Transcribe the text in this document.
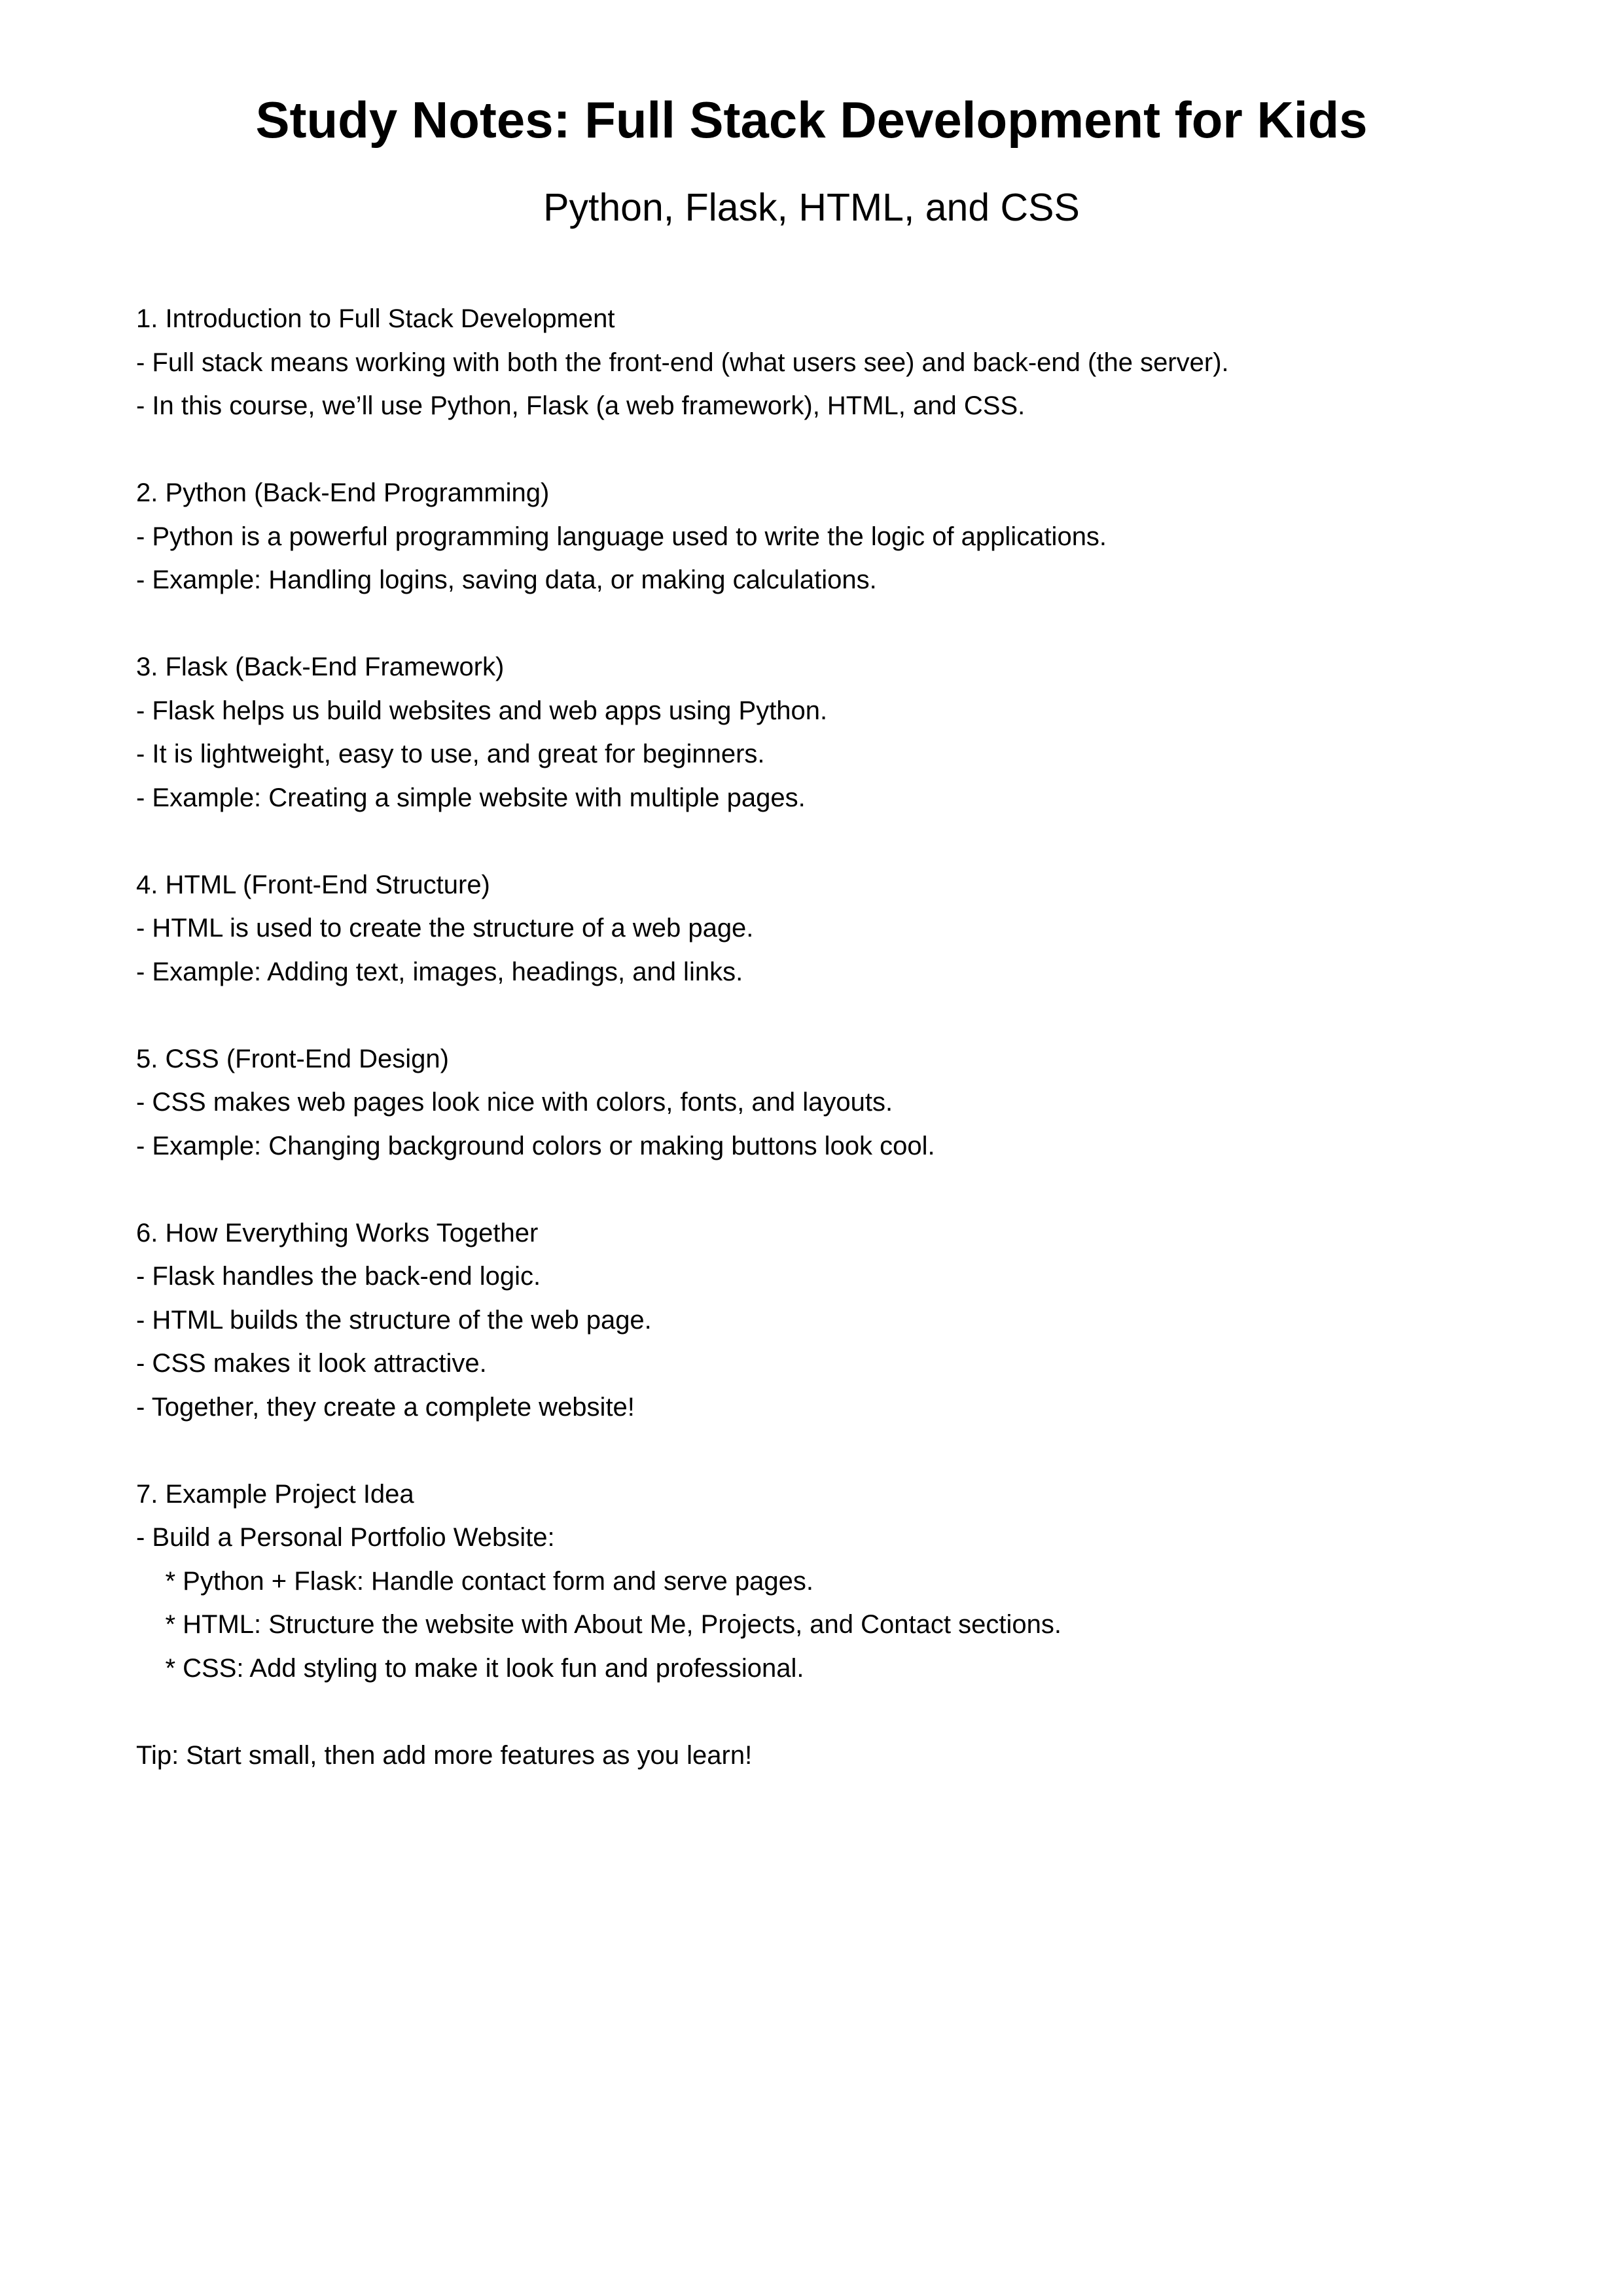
Study Notes: Full Stack Development for Kids
Python, Flask, HTML, and CSS
1. Introduction to Full Stack Development
- Full stack means working with both the front-end (what users see) and back-end (the server).
- In this course, we’ll use Python, Flask (a web framework), HTML, and CSS.
2. Python (Back-End Programming)
- Python is a powerful programming language used to write the logic of applications.
- Example: Handling logins, saving data, or making calculations.
3. Flask (Back-End Framework)
- Flask helps us build websites and web apps using Python.
- It is lightweight, easy to use, and great for beginners.
- Example: Creating a simple website with multiple pages.
4. HTML (Front-End Structure)
- HTML is used to create the structure of a web page.
- Example: Adding text, images, headings, and links.
5. CSS (Front-End Design)
- CSS makes web pages look nice with colors, fonts, and layouts.
- Example: Changing background colors or making buttons look cool.
6. How Everything Works Together
- Flask handles the back-end logic.
- HTML builds the structure of the web page.
- CSS makes it look attractive.
- Together, they create a complete website!
7. Example Project Idea
- Build a Personal Portfolio Website:
* Python + Flask: Handle contact form and serve pages.
* HTML: Structure the website with About Me, Projects, and Contact sections.
* CSS: Add styling to make it look fun and professional.
Tip: Start small, then add more features as you learn!
